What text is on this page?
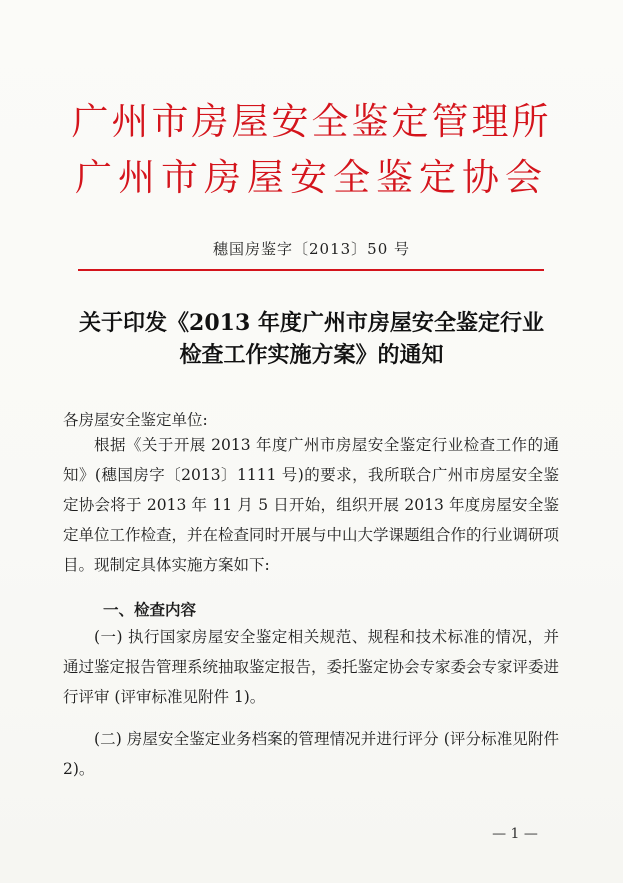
广州市房屋安全鉴定管理所
广州市房屋安全鉴定协会
穗国房鉴字〔2013〕50 号
关于印发《2013 年度广州市房屋安全鉴定行业
检查工作实施方案》的通知
各房屋安全鉴定单位:
根据《关于开展 2013 年度广州市房屋安全鉴定行业检查工作的通知》(穗国房字〔2013〕1111 号)的要求，我所联合广州市房屋安全鉴定协会将于 2013 年 11 月 5 日开始，组织开展 2013 年度房屋安全鉴定单位工作检查，并在检查同时开展与中山大学课题组合作的行业调研项目。现制定具体实施方案如下:
一、检查内容
(一) 执行国家房屋安全鉴定相关规范、规程和技术标准的情况，并通过鉴定报告管理系统抽取鉴定报告，委托鉴定协会专家委会专家评委进行评审 (评审标准见附件 1)。
(二) 房屋安全鉴定业务档案的管理情况并进行评分 (评分标准见附件 2)。
— 1 —
